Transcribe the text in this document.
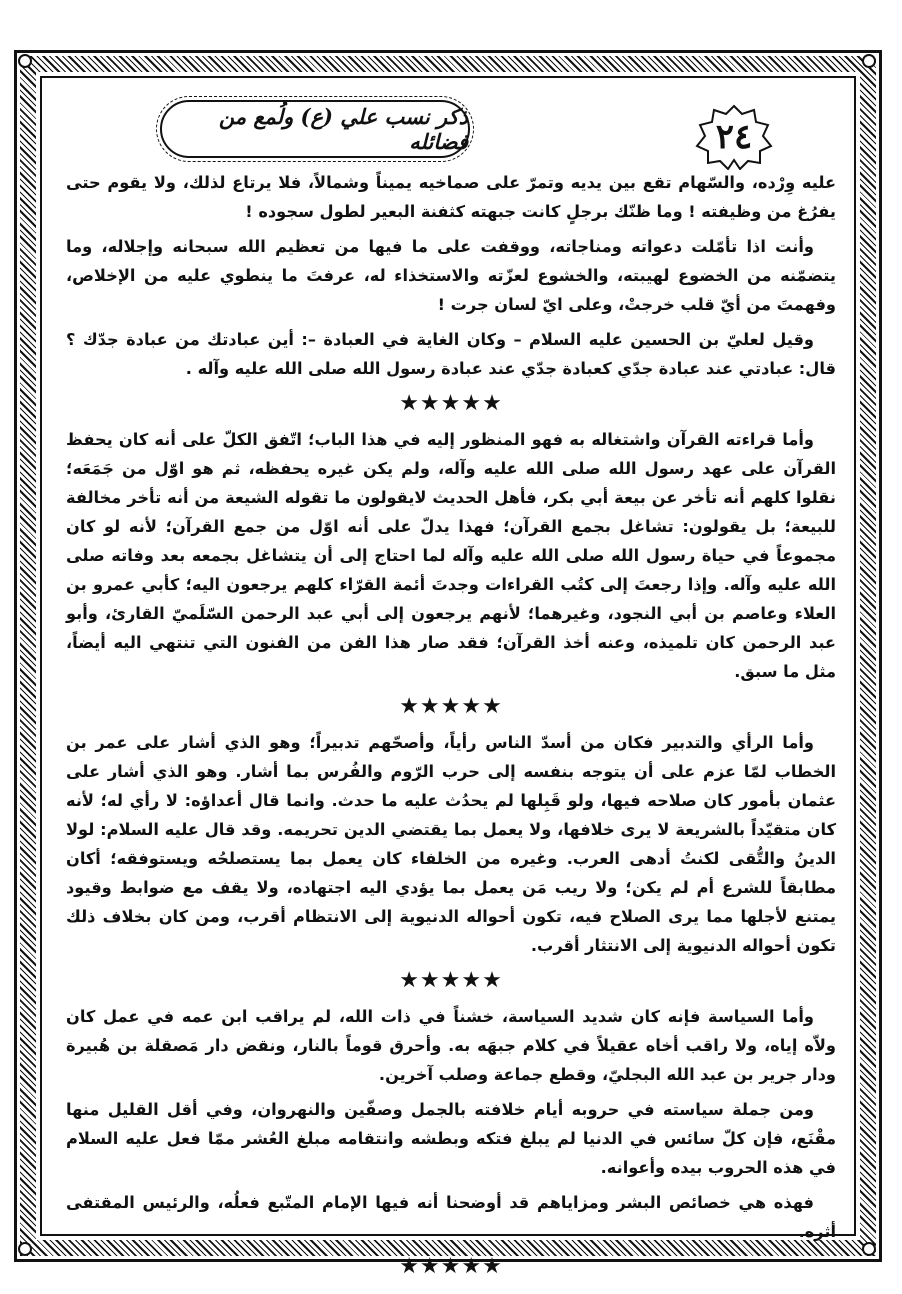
ذكر نسب علي (ع) ولُمع من فضائله	٢٤

عليه وِرْده، والسّهام تقع بين يديه وتمرّ على صماخيه يميناً وشمالاً، فلا يرتاع لذلك، ولا يقوم حتى يفرُغ من وظيفته ! وما ظنّك برجلٍ كانت جبهته كثفنة البعير لطول سجوده !

وأنت اذا تأمّلت دعواته ومناجاته، ووقفت على ما فيها من تعظيم الله سبحانه وإجلاله، وما يتضمّنه من الخضوع لهيبته، والخشوع لعزّته والاستخذاء له، عرفتَ ما ينطوي عليه من الإخلاص، وفهمتَ من أيّ قلب خرجتْ، وعلى ايّ لسان جرت !

وقيل لعليّ بن الحسين عليه السلام – وكان الغاية في العبادة –: أين عبادتك من عبادة جدّك ؟ قال: عبادتي عند عبادة جدّي كعبادة جدّي عند عبادة رسول الله صلى الله عليه وآله .

★★★★★

وأما قراءته القرآن واشتغاله به فهو المنظور إليه في هذا الباب؛ اتّفق الكلّ على أنه كان يحفظ القرآن على عهد رسول الله صلى الله عليه وآله، ولم يكن غيره يحفظه، ثم هو اوّل من جَمَعَه؛ نقلوا كلهم أنه تأخر عن بيعة أبي بكر، فأهل الحديث لايقولون ما تقوله الشيعة من أنه تأخر مخالفة للبيعة؛ بل يقولون: تشاغل بجمع القرآن؛ فهذا يدلّ على أنه اوّل من جمع القرآن؛ لأنه لو كان مجموعاً في حياة رسول الله صلى الله عليه وآله لما احتاج إلى أن يتشاغل بجمعه بعد وفاته صلى الله عليه وآله. وإذا رجعتَ إلى كتُب القراءات وجدتَ أئمة القرّاء كلهم يرجعون اليه؛ كأبي عمرو بن العلاء وعاصم بن أبي النجود، وغيرهما؛ لأنهم يرجعون إلى أبي عبد الرحمن السّلَميّ القارئ، وأبو عبد الرحمن كان تلميذه، وعنه أخذ القرآن؛ فقد صار هذا الفن من الفنون التي تنتهي اليه أيضاً، مثل ما سبق.

★★★★★

وأما الرأي والتدبير فكان من أسدّ الناس رأياً، وأصحّهم تدبيراً؛ وهو الذي أشار على عمر بن الخطاب لمّا عزم على أن يتوجه بنفسه إلى حرب الرّوم والفُرس بما أشار. وهو الذي أشار على عثمان بأمور كان صلاحه فيها، ولو قَبِلها لم يحدُث عليه ما حدث. وانما قال أعداؤه: لا رأي له؛ لأنه كان متقيّداً بالشريعة لا يرى خلافها، ولا يعمل بما يقتضي الدين تحريمه. وقد قال عليه السلام: لولا الدينُ والتُّقى لكنتُ أدهى العرب. وغيره من الخلفاء كان يعمل بما يستصلحُه ويستوفقه؛ أكان مطابقاً للشرع أم لم يكن؛ ولا ريب مَن يعمل بما يؤدي اليه اجتهاده، ولا يقف مع ضوابط وقيود يمتنع لأجلها مما يرى الصلاح فيه، تكون أحواله الدنيوية إلى الانتظام أقرب، ومن كان بخلاف ذلك تكون أحواله الدنيوية إلى الانتثار أقرب.

★★★★★

وأما السياسة فإنه كان شديد السياسة، خشناً في ذات الله، لم يراقب ابن عمه في عمل كان ولاّه إياه، ولا راقب أخاه عقيلاً في كلام جبهَه به. وأحرق قوماً بالنار، ونقض دار مَصقلة بن هُبيرة ودار جرير بن عبد الله البجليّ، وقطع جماعة وصلب آخرين.

ومن جملة سياسته في حروبه أيام خلافته بالجمل وصفّين والنهروان، وفي أقل القليل منها مقْنَع، فإن كلّ سائس في الدنيا لم يبلغ فتكه وبطشه وانتقامه مبلغ العُشر ممّا فعل عليه السلام في هذه الحروب بيده وأعوانه.

فهذه هي خصائص البشر ومزاياهم قد أوضحنا أنه فيها الإمام المتّبع فعلُه، والرئيس المقتفى أثره.

★★★★★
